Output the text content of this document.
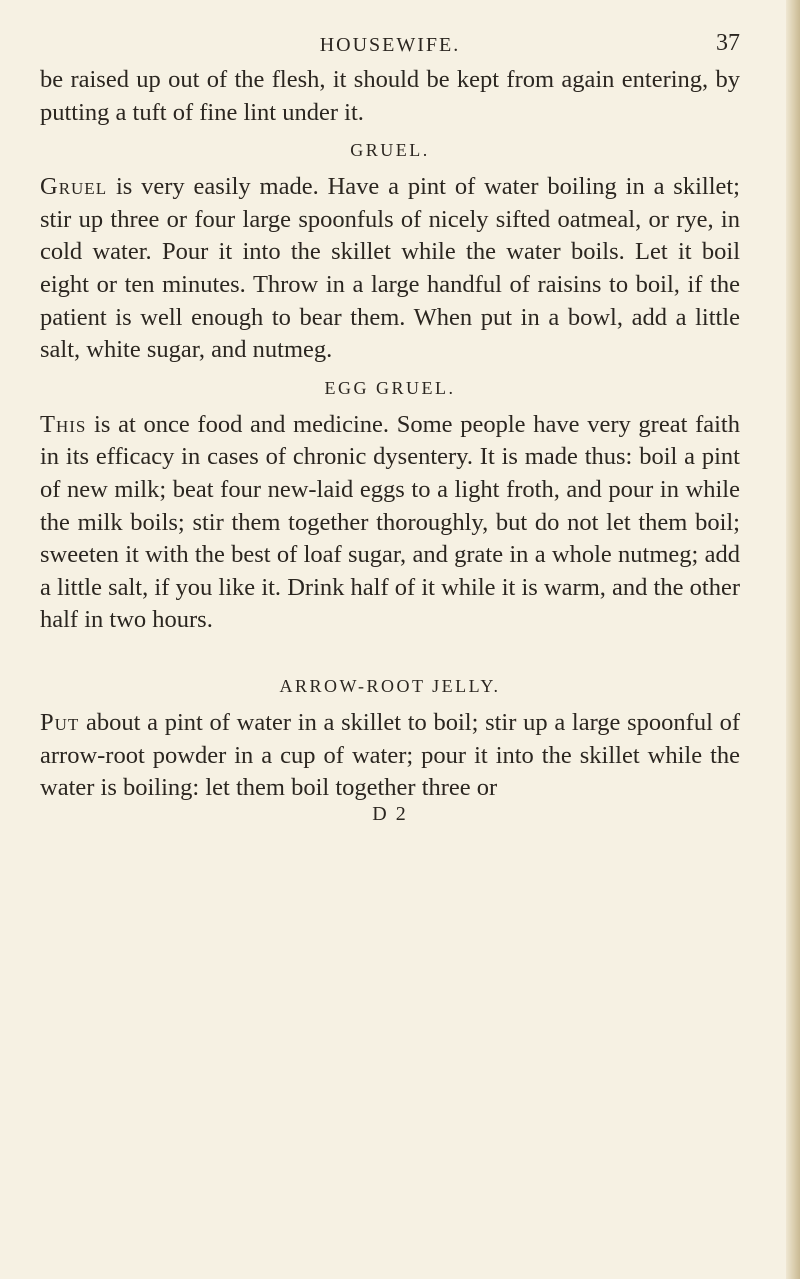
HOUSEWIFE.	37

be raised up out of the flesh, it should be kept from again entering, by putting a tuft of fine lint under it.

GRUEL.

Gruel is very easily made. Have a pint of water boiling in a skillet; stir up three or four large spoonfuls of nicely sifted oatmeal, or rye, in cold water. Pour it into the skillet while the water boils. Let it boil eight or ten minutes. Throw in a large handful of raisins to boil, if the patient is well enough to bear them. When put in a bowl, add a little salt, white sugar, and nutmeg.

EGG GRUEL.

This is at once food and medicine. Some people have very great faith in its efficacy in cases of chronic dysentery. It is made thus: boil a pint of new milk; beat four new-laid eggs to a light froth, and pour in while the milk boils; stir them together thoroughly, but do not let them boil; sweeten it with the best of loaf sugar, and grate in a whole nutmeg; add a little salt, if you like it. Drink half of it while it is warm, and the other half in two hours.

ARROW-ROOT JELLY.

Put about a pint of water in a skillet to boil; stir up a large spoonful of arrow-root powder in a cup of water; pour it into the skillet while the water is boiling: let them boil together three or

D 2
